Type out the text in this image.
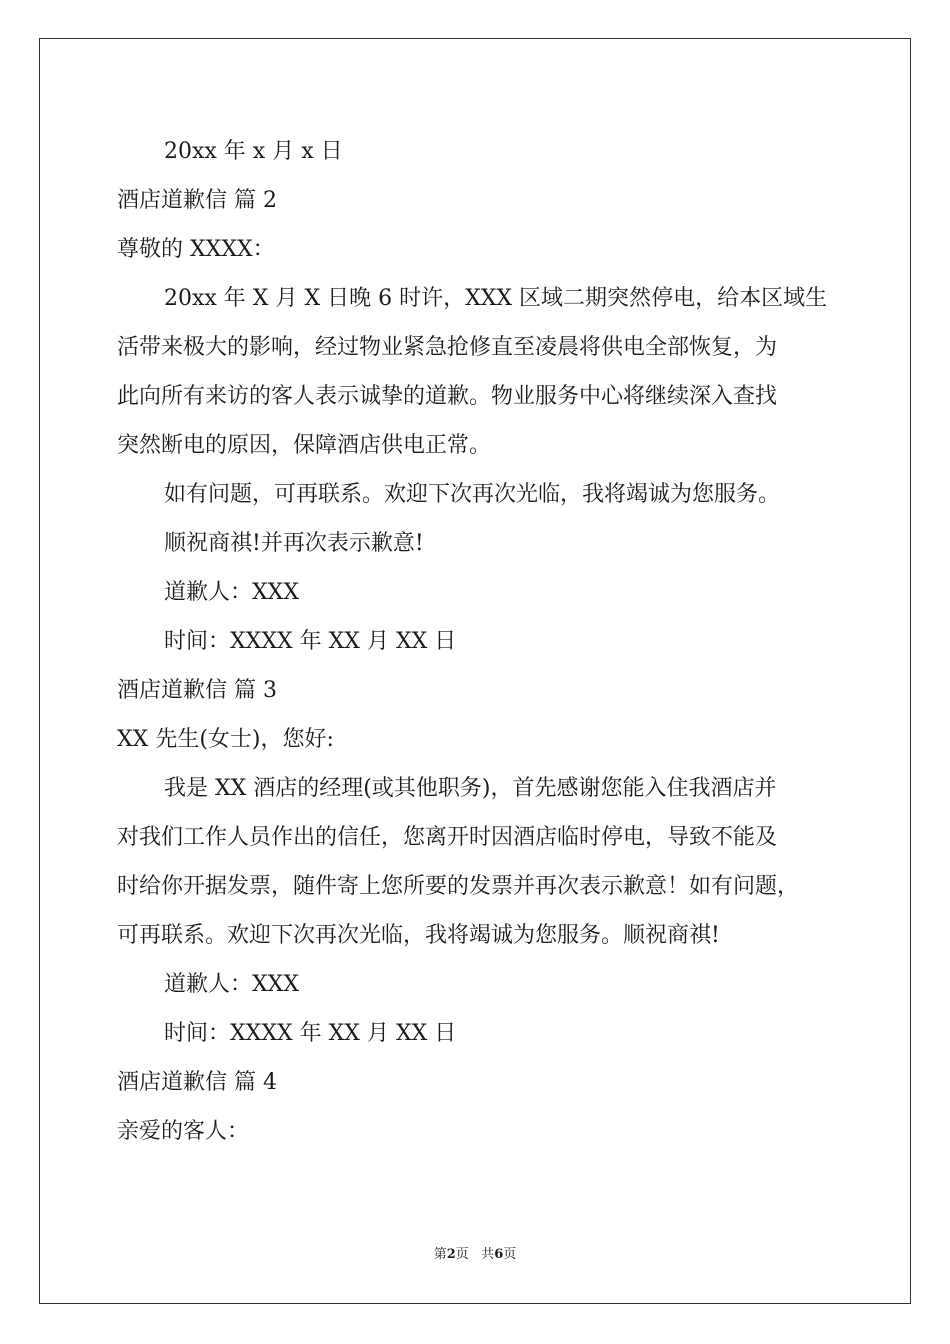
20xx 年 x 月 x 日

酒店道歉信 篇 2

尊敬的 XXXX：

20xx 年 X 月 X 日晚 6 时许，XXX 区域二期突然停电，给本区域生

活带来极大的影响，经过物业紧急抢修直至凌晨将供电全部恢复，为

此向所有来访的客人表示诚挚的道歉。物业服务中心将继续深入查找

突然断电的原因，保障酒店供电正常。

如有问题，可再联系。欢迎下次再次光临，我将竭诚为您服务。

顺祝商祺!并再次表示歉意!

道歉人：XXX

时间：XXXX 年 XX 月 XX 日

酒店道歉信 篇 3

XX 先生(女士)，您好:

我是 XX 酒店的经理(或其他职务)，首先感谢您能入住我酒店并

对我们工作人员作出的信任，您离开时因酒店临时停电，导致不能及

时给你开据发票，随件寄上您所要的发票并再次表示歉意！如有问题，

可再联系。欢迎下次再次光临，我将竭诚为您服务。顺祝商祺!

道歉人：XXX

时间：XXXX 年 XX 月 XX 日

酒店道歉信 篇 4

亲爱的客人：

第2页 共6页
